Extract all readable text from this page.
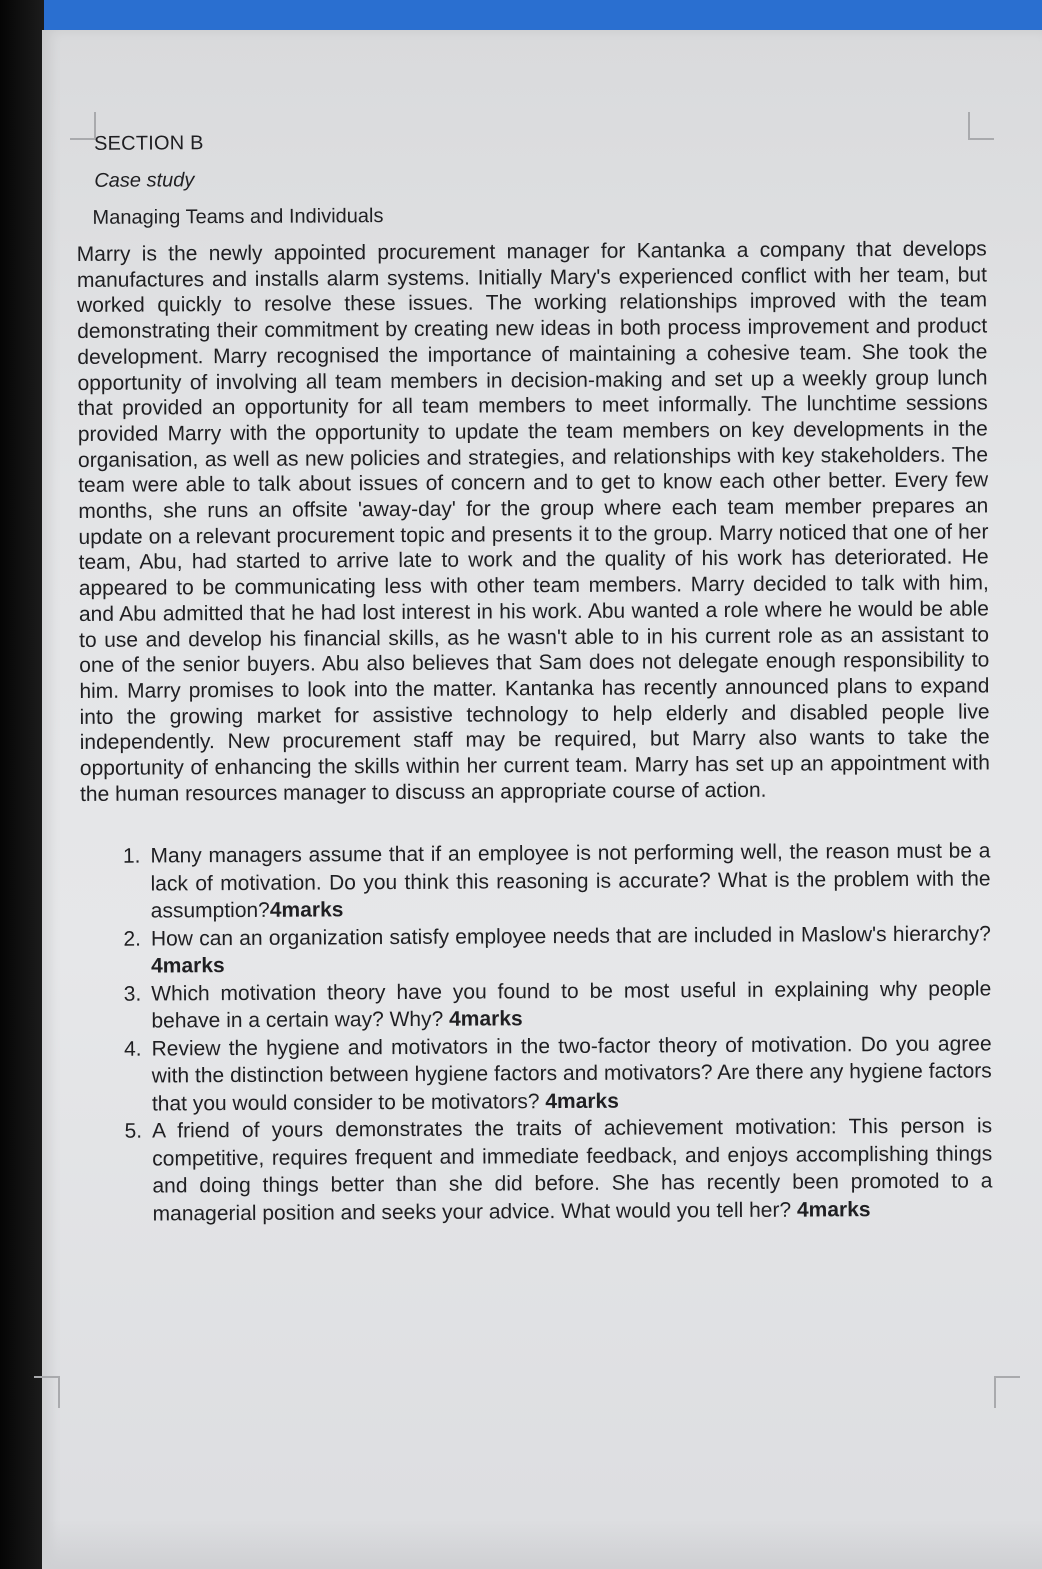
SECTION B
Case study
Managing Teams and Individuals
Marry is the newly appointed procurement manager for Kantanka a company that develops manufactures and installs alarm systems. Initially Mary's experienced conflict with her team, but worked quickly to resolve these issues. The working relationships improved with the team demonstrating their commitment by creating new ideas in both process improvement and product development. Marry recognised the importance of maintaining a cohesive team. She took the opportunity of involving all team members in decision-making and set up a weekly group lunch that provided an opportunity for all team members to meet informally. The lunchtime sessions provided Marry with the opportunity to update the team members on key developments in the organisation, as well as new policies and strategies, and relationships with key stakeholders. The team were able to talk about issues of concern and to get to know each other better. Every few months, she runs an offsite 'away-day' for the group where each team member prepares an update on a relevant procurement topic and presents it to the group. Marry noticed that one of her team, Abu, had started to arrive late to work and the quality of his work has deteriorated. He appeared to be communicating less with other team members. Marry decided to talk with him, and Abu admitted that he had lost interest in his work. Abu wanted a role where he would be able to use and develop his financial skills, as he wasn't able to in his current role as an assistant to one of the senior buyers. Abu also believes that Sam does not delegate enough responsibility to him. Marry promises to look into the matter. Kantanka has recently announced plans to expand into the growing market for assistive technology to help elderly and disabled people live independently. New procurement staff may be required, but Marry also wants to take the opportunity of enhancing the skills within her current team. Marry has set up an appointment with the human resources manager to discuss an appropriate course of action.
1. Many managers assume that if an employee is not performing well, the reason must be a lack of motivation. Do you think this reasoning is accurate? What is the problem with the assumption?4marks
2. How can an organization satisfy employee needs that are included in Maslow's hierarchy? 4marks
3. Which motivation theory have you found to be most useful in explaining why people behave in a certain way? Why? 4marks
4. Review the hygiene and motivators in the two-factor theory of motivation. Do you agree with the distinction between hygiene factors and motivators? Are there any hygiene factors that you would consider to be motivators? 4marks
5. A friend of yours demonstrates the traits of achievement motivation: This person is competitive, requires frequent and immediate feedback, and enjoys accomplishing things and doing things better than she did before. She has recently been promoted to a managerial position and seeks your advice. What would you tell her? 4marks
